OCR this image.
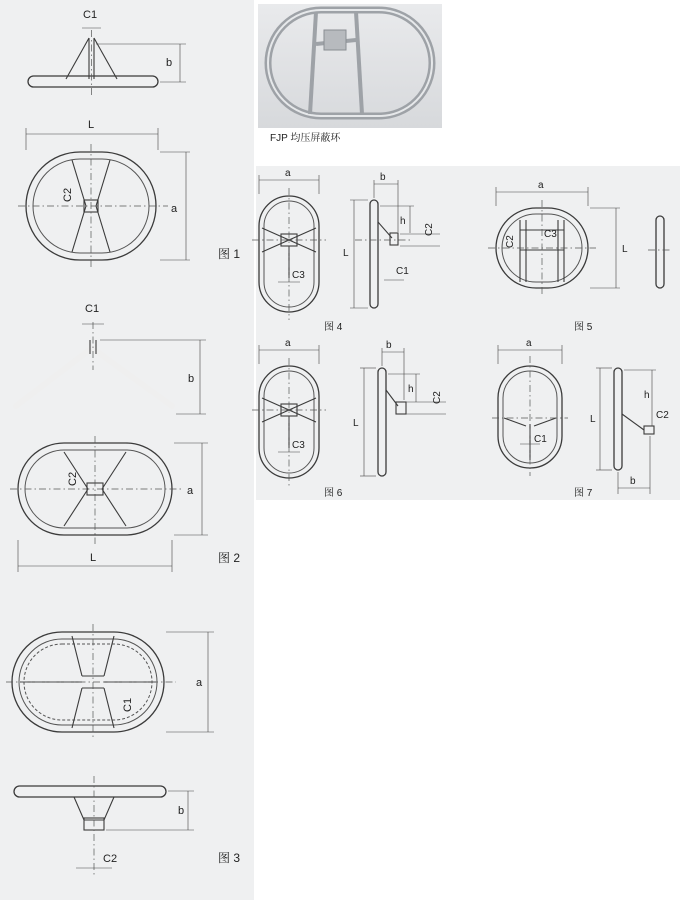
FJP 均压屏蔽环
C1
b
L
a
C2
图 1
C1
b
a
L
C2
图 2
a
C1
b
C2	图 3
a
C3
b
h
L
C2
C1
图 4
a
L
C2
C3
图 5
a
C3
b
h
L
C2
图 6
a
C1
L
h
C2
b
图 7
